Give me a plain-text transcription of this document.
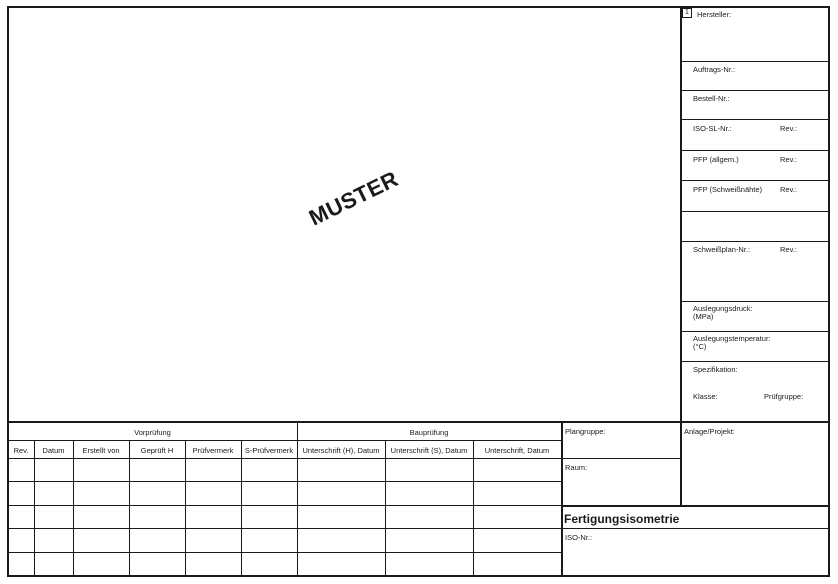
MUSTER
1	Hersteller:
Auftrags-Nr.:
Bestell-Nr.:
ISO-SL-Nr.:	Rev.:
PFP (allgem.)	Rev.:
PFP (Schweißnähte) Rev.:
Schweißplan-Nr.:	Rev.:
Auslegungsdruck:
(MPa)
Auslegungstemperatur:
(°C)
Spezifikation:
Klasse:	Prüfgruppe:
Vorprüfung	Bauprüfung
Rev.	Datum	Erstellt von	Geprüft H	Prüfvermerk	S-Prüfvermerk	Unterschrift (H), Datum	Unterschrift (S), Datum	Unterschrift, Datum
Plangruppe:
Raum:
Anlage/Projekt:
Fertigungsisometrie
ISO-Nr.:
